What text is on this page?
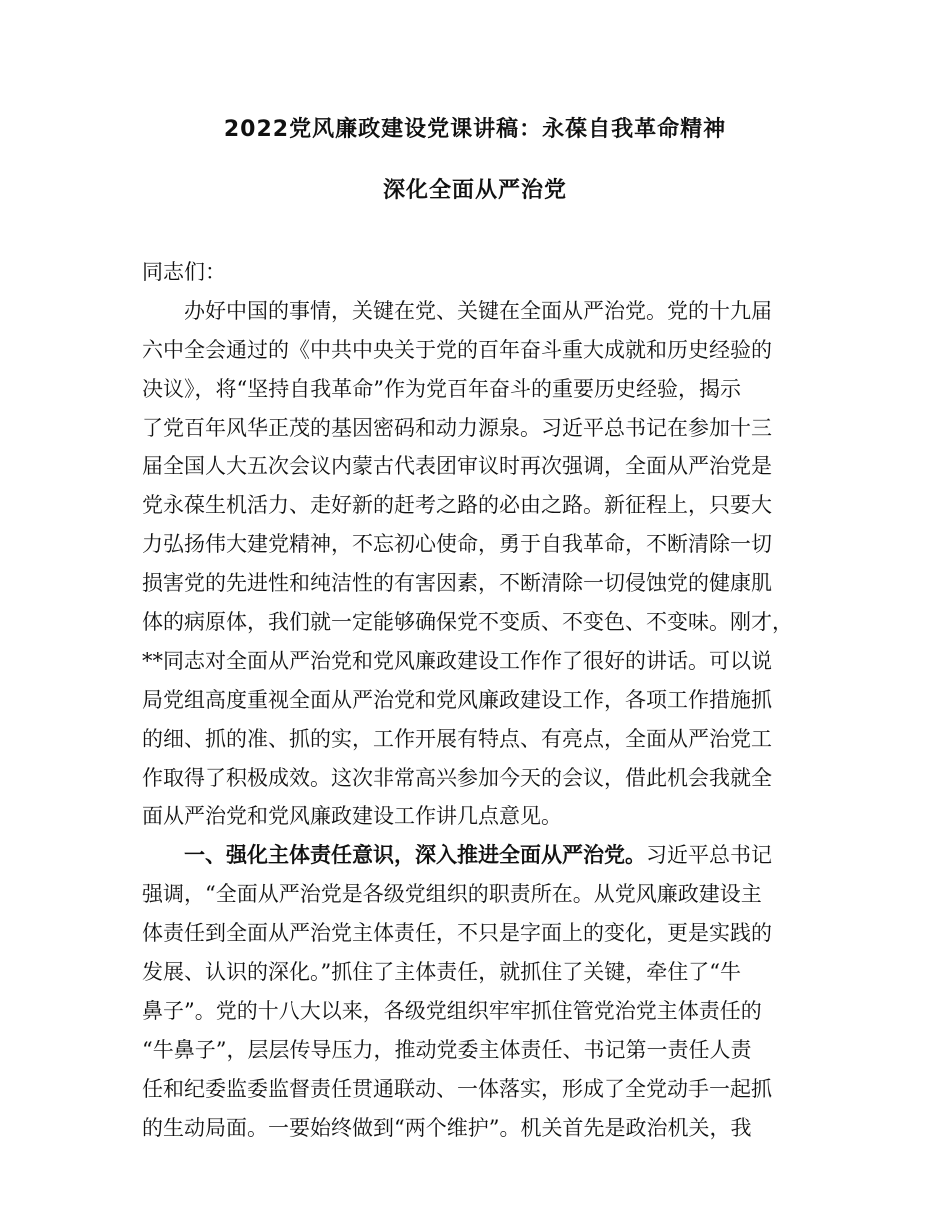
2022党风廉政建设党课讲稿：永葆自我革命精神
深化全面从严治党
同志们：
办好中国的事情，关键在党、关键在全面从严治党。党的十九届
六中全会通过的《中共中央关于党的百年奋斗重大成就和历史经验的
决议》，将“坚持自我革命”作为党百年奋斗的重要历史经验，揭示
了党百年风华正茂的基因密码和动力源泉。习近平总书记在参加十三
届全国人大五次会议内蒙古代表团审议时再次强调，全面从严治党是
党永葆生机活力、走好新的赶考之路的必由之路。新征程上，只要大
力弘扬伟大建党精神，不忘初心使命，勇于自我革命，不断清除一切
损害党的先进性和纯洁性的有害因素，不断清除一切侵蚀党的健康肌
体的病原体，我们就一定能够确保党不变质、不变色、不变味。刚才，
**同志对全面从严治党和党风廉政建设工作作了很好的讲话。可以说
局党组高度重视全面从严治党和党风廉政建设工作，各项工作措施抓
的细、抓的准、抓的实，工作开展有特点、有亮点，全面从严治党工
作取得了积极成效。这次非常高兴参加今天的会议，借此机会我就全
面从严治党和党风廉政建设工作讲几点意见。
一、强化主体责任意识，深入推进全面从严治党。习近平总书记
强调，“全面从严治党是各级党组织的职责所在。从党风廉政建设主
体责任到全面从严治党主体责任，不只是字面上的变化，更是实践的
发展、认识的深化。”抓住了主体责任，就抓住了关键，牵住了“牛
鼻子”。党的十八大以来，各级党组织牢牢抓住管党治党主体责任的
“牛鼻子”，层层传导压力，推动党委主体责任、书记第一责任人责
任和纪委监委监督责任贯通联动、一体落实，形成了全党动手一起抓
的生动局面。一要始终做到“两个维护”。机关首先是政治机关，我
